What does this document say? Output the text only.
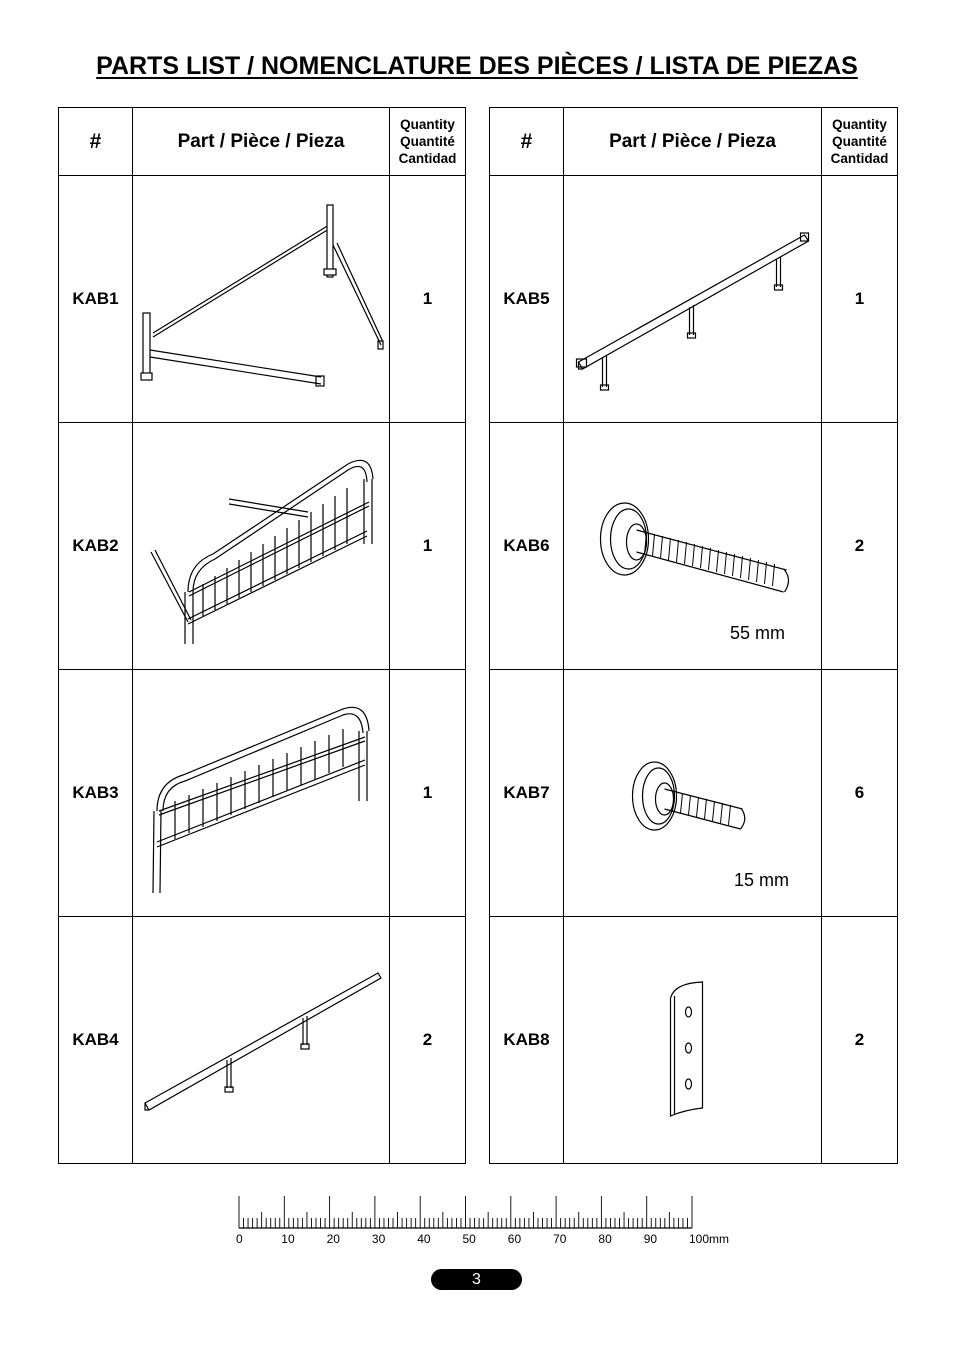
PARTS LIST / NOMENCLATURE DES PIÈCES / LISTA DE PIEZAS
#	Part / Pièce / Pieza	Quantity
Quantité
Cantidad

KAB1		1
KAB2		1
KAB3		1
KAB4		2
#	Part / Pièce / Pieza	Quantity
Quantité
Cantidad

KAB5		1
KAB6	55 mm	2
KAB7	15 mm	6
KAB8		2
0	10	20	30	40	50	60	70	80	90	100mm
3
